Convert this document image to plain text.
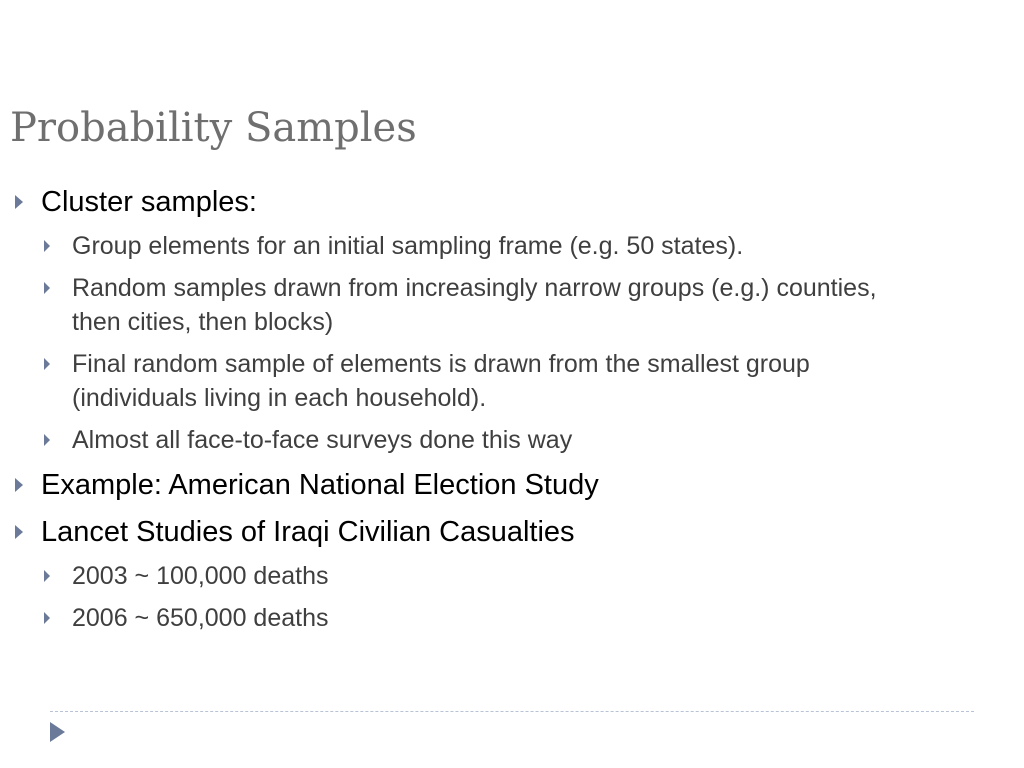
Probability Samples
Cluster samples:
Group elements for an initial sampling frame (e.g. 50 states).
Random samples drawn from increasingly narrow groups (e.g.) counties, then cities, then blocks)
Final random sample of elements is drawn from the smallest group (individuals living in each household).
Almost all face-to-face surveys done this way
Example: American National Election Study
Lancet Studies of Iraqi Civilian Casualties
2003 ~ 100,000 deaths
2006 ~ 650,000 deaths
